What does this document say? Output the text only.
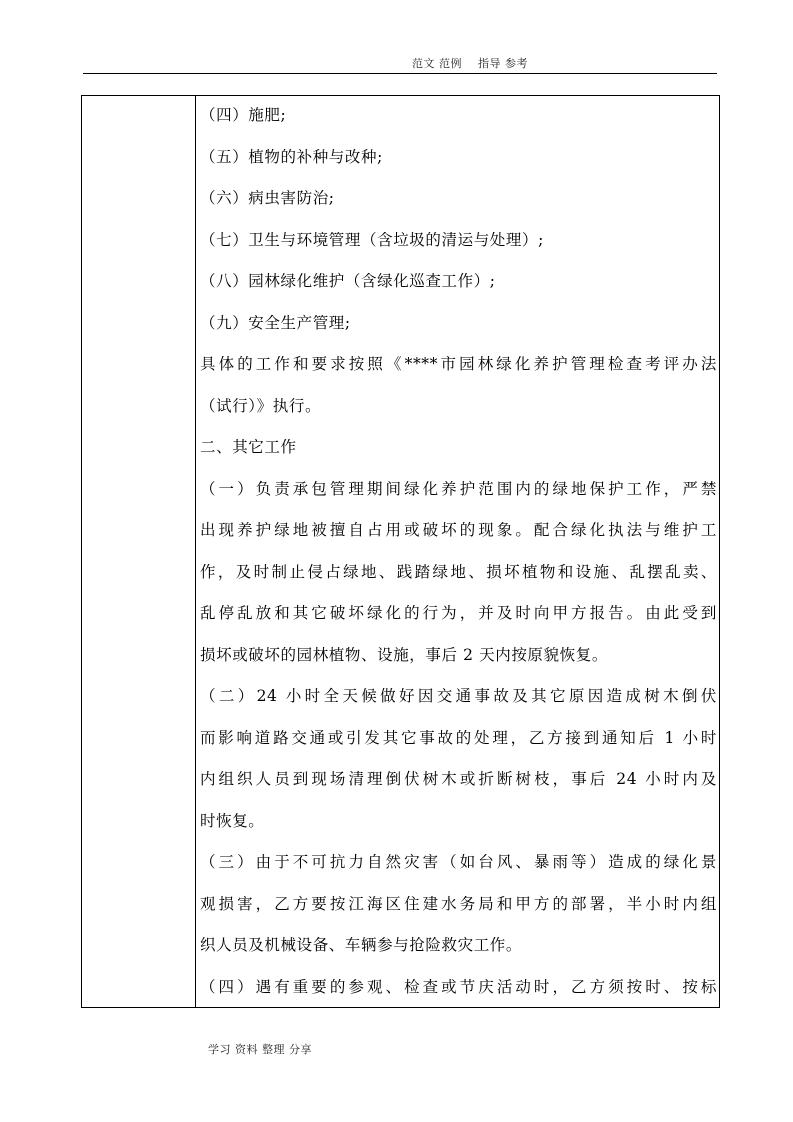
范文 范例    指导 参考
（四）施肥;
（五）植物的补种与改种;
（六）病虫害防治;
（七）卫生与环境管理（含垃圾的清运与处理）;
（八）园林绿化维护（含绿化巡查工作）;
（九）安全生产管理;
具体的工作和要求按照《****市园林绿化养护管理检查考评办法
（试行）》执行。
二、其它工作
（一）负责承包管理期间绿化养护范围内的绿地保护工作，严禁
出现养护绿地被擅自占用或破坏的现象。配合绿化执法与维护工
作，及时制止侵占绿地、践踏绿地、损坏植物和设施、乱摆乱卖、
乱停乱放和其它破坏绿化的行为，并及时向甲方报告。由此受到
损坏或破坏的园林植物、设施，事后 2 天内按原貌恢复。
（二）24 小时全天候做好因交通事故及其它原因造成树木倒伏
而影响道路交通或引发其它事故的处理，乙方接到通知后 1 小时
内组织人员到现场清理倒伏树木或折断树枝，事后 24 小时内及
时恢复。
（三）由于不可抗力自然灾害（如台风、暴雨等）造成的绿化景
观损害，乙方要按江海区住建水务局和甲方的部署，半小时内组
织人员及机械设备、车辆参与抢险救灾工作。
（四）遇有重要的参观、检查或节庆活动时，乙方须按时、按标
学习 资料 整理 分享
